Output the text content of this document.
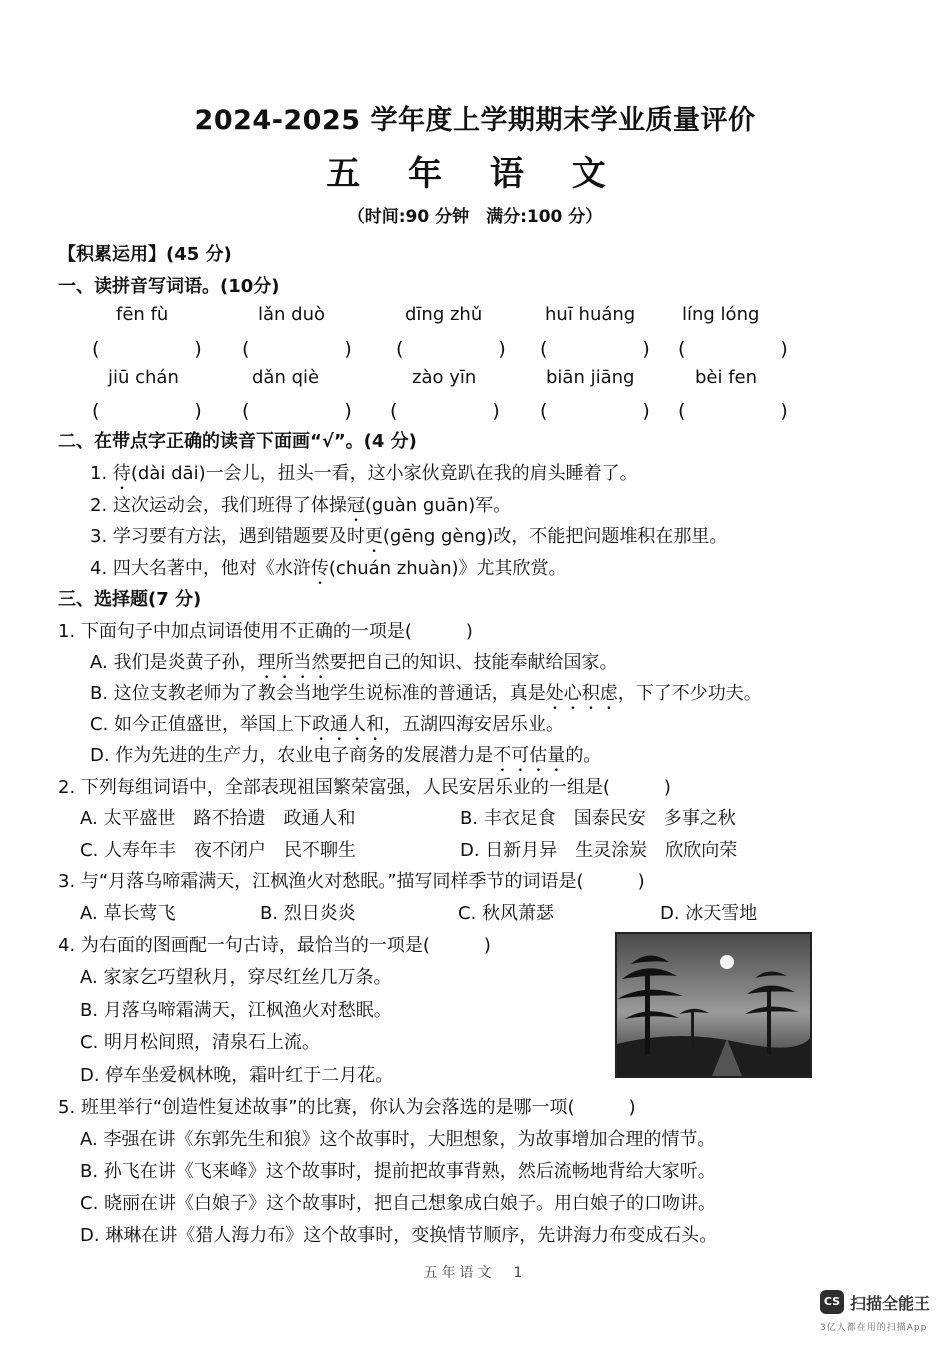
2024-2025 学年度上学期期末学业质量评价
五 年 语 文
（时间:90 分钟　满分:100 分）
【积累运用】(45 分)
一、读拼音写词语。(10分)
fēn fù	lǎn duò	dīng zhǔ	huī huáng	líng lóng
(　　　　　) (　　　　　) (　　　　　) (　　　　　) (　　　　　)
jiū chán	dǎn qiè	zào yīn	biān jiāng	bèi fen
(　　　　　) (　　　　　) (　　　　　) (　　　　　) (　　　　　)
二、在带点字正确的读音下面画“√”。(4 分)
1. 待(dài dāi)一会儿，扭头一看，这小家伙竟趴在我的肩头睡着了。
2. 这次运动会，我们班得了体操冠(guàn guān)军。
3. 学习要有方法，遇到错题要及时更(gēng gèng)改，不能把问题堆积在那里。
4. 四大名著中，他对《水浒传(chuán zhuàn)》尤其欣赏。
三、选择题(7 分)
1. 下面句子中加点词语使用不正确的一项是(　　　)
A. 我们是炎黄子孙，理所当然要把自己的知识、技能奉献给国家。
B. 这位支教老师为了教会当地学生说标准的普通话，真是处心积虑，下了不少功夫。
C. 如今正值盛世，举国上下政通人和，五湖四海安居乐业。
D. 作为先进的生产力，农业电子商务的发展潜力是不可估量的。
2. 下列每组词语中，全部表现祖国繁荣富强，人民安居乐业的一组是(　　　)
A. 太平盛世　路不拾遗　政通人和	B. 丰衣足食　国泰民安　多事之秋
C. 人寿年丰　夜不闭户　民不聊生	D. 日新月异　生灵涂炭　欣欣向荣
3. 与“月落乌啼霜满天，江枫渔火对愁眠。”描写同样季节的词语是(　　　)
A. 草长莺飞	B. 烈日炎炎	C. 秋风萧瑟	D. 冰天雪地
4. 为右面的图画配一句古诗，最恰当的一项是(　　　)
A. 家家乞巧望秋月，穿尽红丝几万条。
B. 月落乌啼霜满天，江枫渔火对愁眠。
C. 明月松间照，清泉石上流。
D. 停车坐爱枫林晚，霜叶红于二月花。
5. 班里举行“创造性复述故事”的比赛，你认为会落选的是哪一项(　　　)
A. 李强在讲《东郭先生和狼》这个故事时，大胆想象，为故事增加合理的情节。
B. 孙飞在讲《飞来峰》这个故事时，提前把故事背熟，然后流畅地背给大家听。
C. 晓丽在讲《白娘子》这个故事时，把自己想象成白娘子。用白娘子的口吻讲。
D. 琳琳在讲《猎人海力布》这个故事时，变换情节顺序，先讲海力布变成石头。
五年语文　1
CS 扫描全能王
3亿人都在用的扫描App
